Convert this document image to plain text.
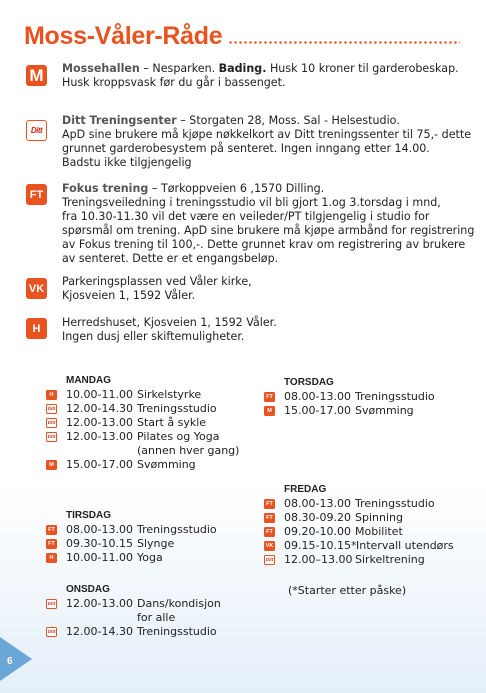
Moss-Våler-Råde
M	Mossehallen – Nesparken. Bading. Husk 10 kroner til garderobeskap.
Husk kroppsvask før du går i bassenget.
Ditt
Ditt Treningsenter – Storgaten 28, Moss. Sal - Helsestudio.
ApD sine brukere må kjøpe nøkkelkort av Ditt treningssenter til 75,- dette
grunnet garderobesystem på senteret. Ingen inngang etter 14.00.
Badstu ikke tilgjengelig
FT	Fokus trening – Tørkoppveien 6 ,1570 Dilling.
Treningsveiledning i treningsstudio vil bli gjort 1.og 3.torsdag i mnd,
fra 10.30-11.30 vil det være en veileder/PT tilgjengelig i studio for
spørsmål om trening. ApD sine brukere må kjøpe armbånd for registrering
av Fokus trening til 100,-. Dette grunnet krav om registrering av brukere
av senteret. Dette er et engangsbeløp.
VK
Parkeringsplassen ved Våler kirke,
Kjosveien 1, 1592 Våler.
H	Herredshuset, Kjosveien 1, 1592 Våler.
Ingen dusj eller skiftemuligheter.
MANDAG
H	10.00-11.00 Sirkelstyrke
Ditt 12.00-14.30 Treningsstudio
Ditt 12.00-13.00 Start å sykle
Ditt 12.00-13.00 Pilates og Yoga
(annen hver gang)
M 15.00-17.00 Svømming
TIRSDAG
FT 08.00-13.00 Treningsstudio
FT 09.30-10.15 Slynge
H	10.00-11.00 Yoga
ONSDAG
Ditt 12.00-13.00 Dans/kondisjon
for alle
Ditt 12.00-14.30 Treningsstudio
TORSDAG
FT 08.00-13.00 Treningsstudio
M 15.00-17.00 Svømming
FREDAG
FT 08.00-13.00 Treningsstudio
FT 08.30-09.20 Spinning
FT 09.20-10.00 Mobilitet
VK 09.15-10.15* Intervall utendørs
Ditt 12.00–13.00 Sirkeltrening
(*Starter etter påske)
6
